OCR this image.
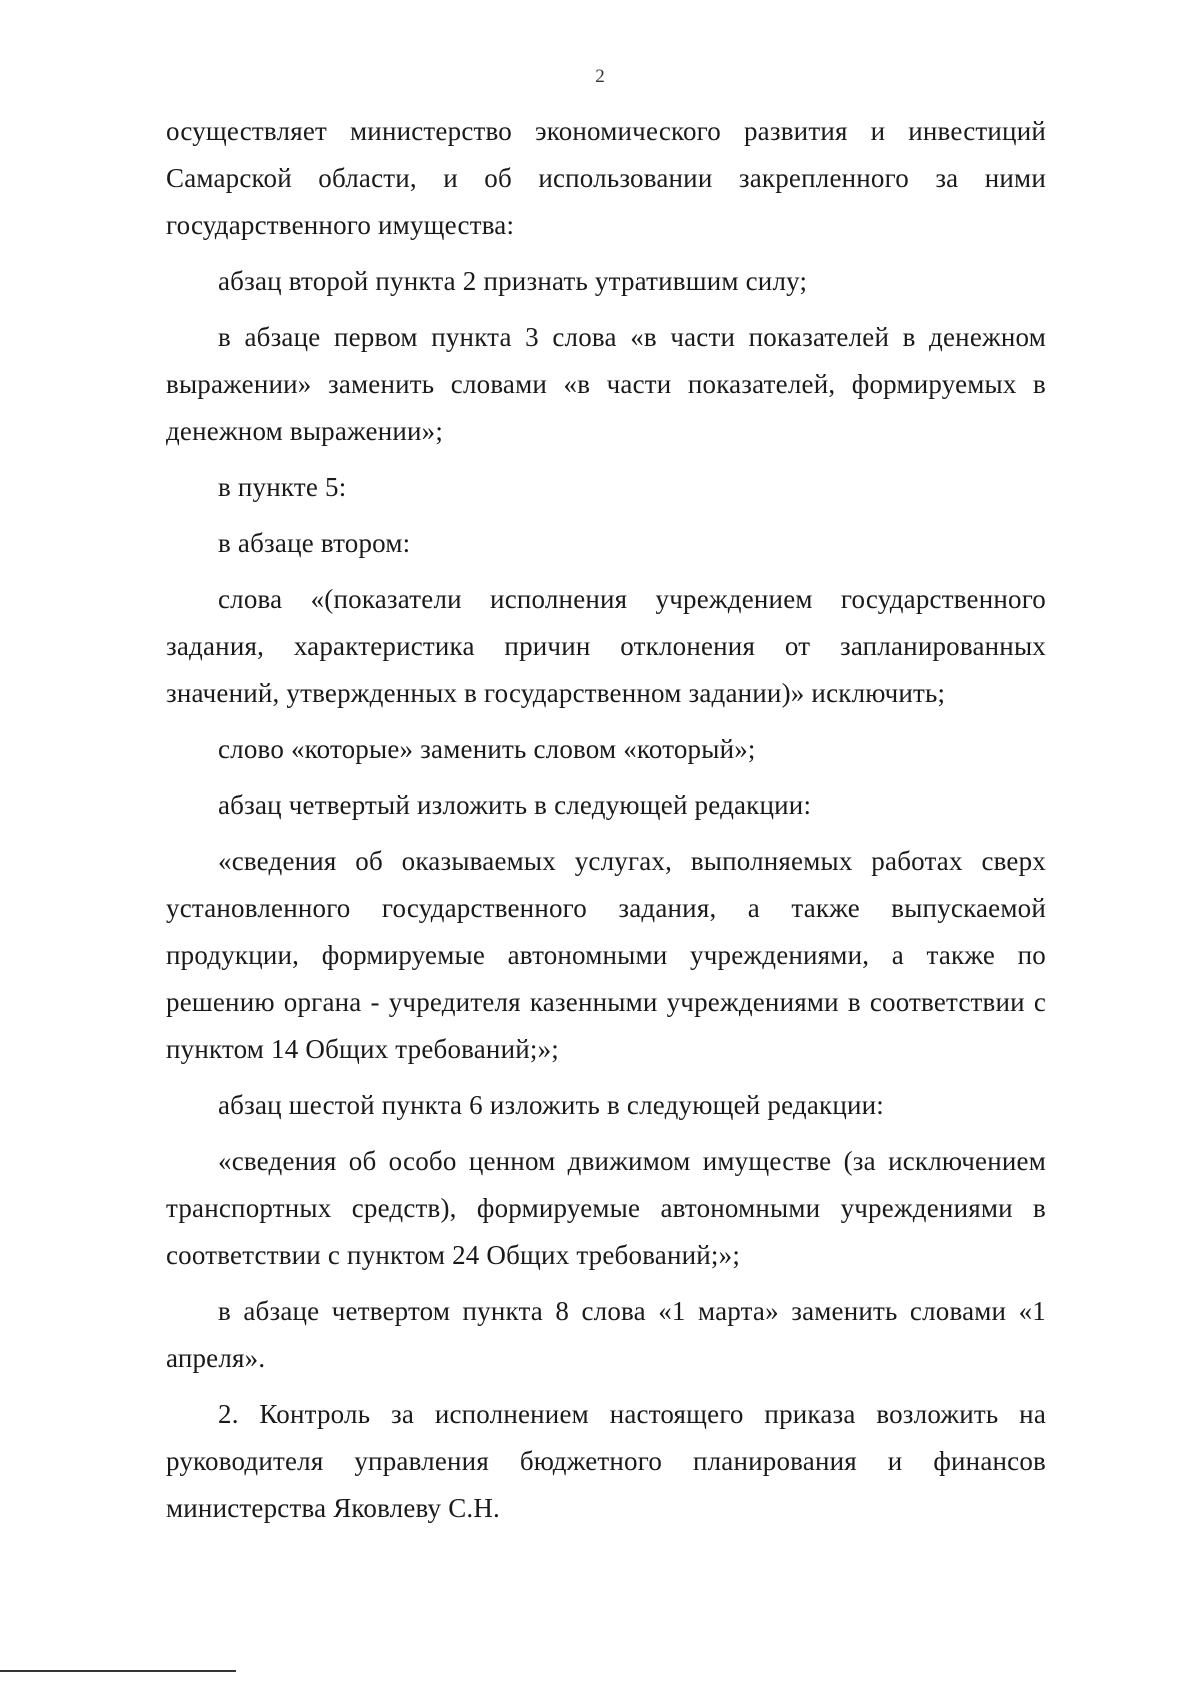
2

осуществляет министерство экономического развития и инвестиций Самарской области, и об использовании закрепленного за ними государственного имущества:

абзац второй пункта 2 признать утратившим силу;

в абзаце первом пункта 3 слова «в части показателей в денежном выражении» заменить словами «в части показателей, формируемых в денежном выражении»;

в пункте 5:

в абзаце втором:

слова «(показатели исполнения учреждением государственного задания, характеристика причин отклонения от запланированных значений, утвержденных в государственном задании)» исключить;

слово «которые» заменить словом «который»;

абзац четвертый изложить в следующей редакции:

«сведения об оказываемых услугах, выполняемых работах сверх установленного государственного задания, а также выпускаемой продукции, формируемые автономными учреждениями, а также по решению органа - учредителя казенными учреждениями в соответствии с пунктом 14 Общих требований;»;

абзац шестой пункта 6 изложить в следующей редакции:

«сведения об особо ценном движимом имуществе (за исключением транспортных средств), формируемые автономными учреждениями в соответствии с пунктом 24 Общих требований;»;

в абзаце четвертом пункта 8 слова «1 марта» заменить словами «1 апреля».

2. Контроль за исполнением настоящего приказа возложить на руководителя управления бюджетного планирования и финансов министерства Яковлеву С.Н.
